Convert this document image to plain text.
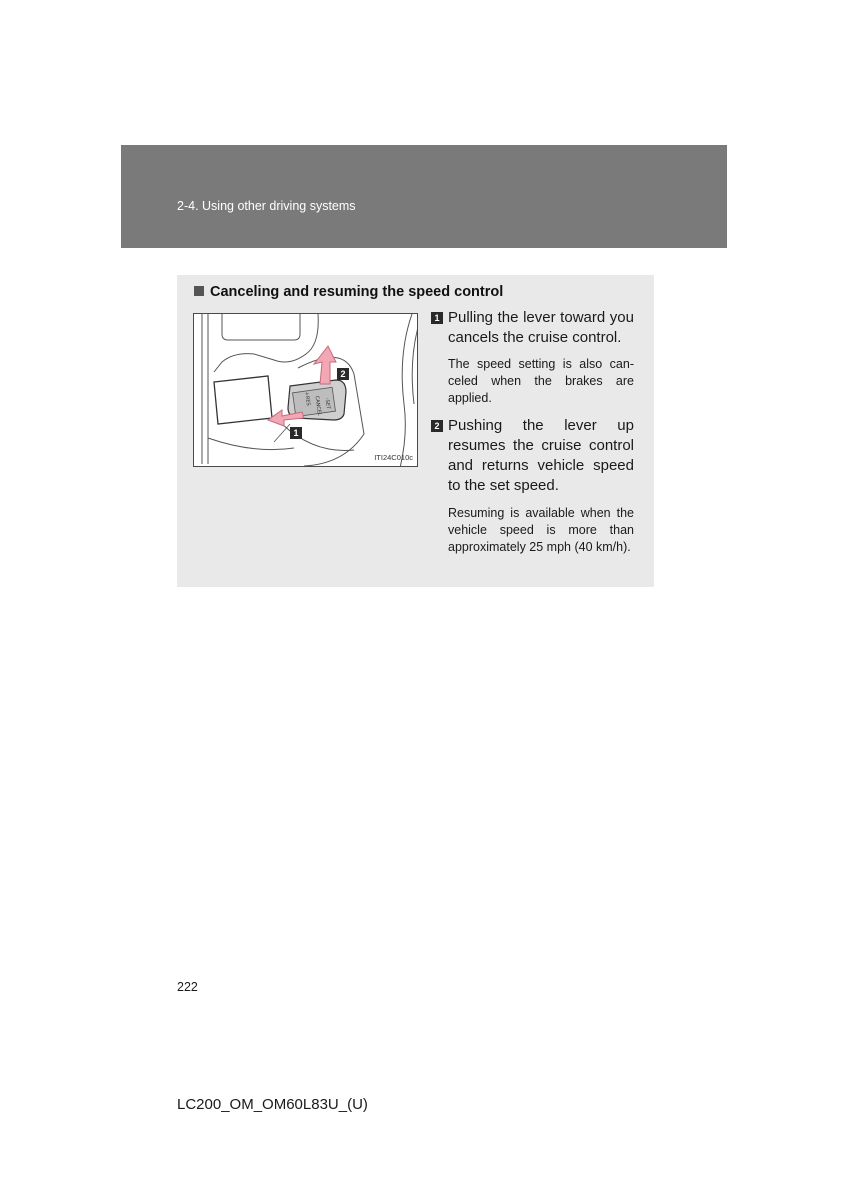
2-4. Using other driving systems
Canceling and resuming the speed control
+RES CANCEL -SET
2
1
ITI24C010c
1 Pulling the lever toward you cancels the cruise control.
The speed setting is also canceled when the brakes are applied.
2 Pushing the lever up resumes the cruise control and returns vehicle speed to the set speed.
Resuming is available when the vehicle speed is more than approximately 25 mph (40 km/h).
222
LC200_OM_OM60L83U_(U)
